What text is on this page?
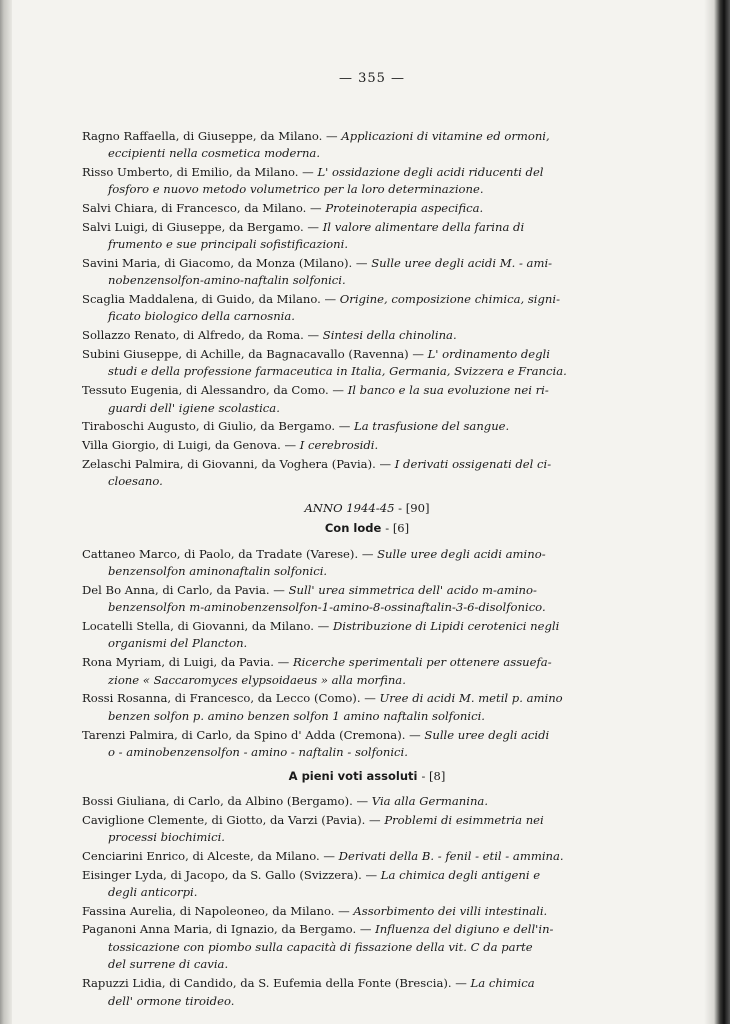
— 355 —
Ragno Raffaella, di Giuseppe, da Milano. — Applicazioni di vitamine ed ormoni,
eccipienti nella cosmetica moderna.
Risso Umberto, di Emilio, da Milano. — L' ossidazione degli acidi riducenti del
fosforo e nuovo metodo volumetrico per la loro determinazione.
Salvi Chiara, di Francesco, da Milano. — Proteinoterapia aspecifica.
Salvi Luigi, di Giuseppe, da Bergamo. — Il valore alimentare della farina di
frumento e sue principali sofistificazioni.
Savini Maria, di Giacomo, da Monza (Milano). — Sulle uree degli acidi M. - ami-
nobenzensolfon-amino-naftalin solfonici.
Scaglia Maddalena, di Guido, da Milano. — Origine, composizione chimica, signi-
ficato biologico della carnosnia.
Sollazzo Renato, di Alfredo, da Roma. — Sintesi della chinolina.
Subini Giuseppe, di Achille, da Bagnacavallo (Ravenna) — L' ordinamento degli
studi e della professione farmaceutica in Italia, Germania, Svizzera e Francia.
Tessuto Eugenia, di Alessandro, da Como. — Il banco e la sua evoluzione nei ri-
guardi dell' igiene scolastica.
Tiraboschi Augusto, di Giulio, da Bergamo. — La trasfusione del sangue.
Villa Giorgio, di Luigi, da Genova. — I cerebrosidi.
Zelaschi Palmira, di Giovanni, da Voghera (Pavia). — I derivati ossigenati del ci-
cloesano.
ANNO 1944-45 - [90]
Con lode - [6]
Cattaneo Marco, di Paolo, da Tradate (Varese). — Sulle uree degli acidi amino-
benzensolfon aminonaftalin solfonici.
Del Bo Anna, di Carlo, da Pavia. — Sull' urea simmetrica dell' acido m-amino-
benzensolfon m-aminobenzensolfon-1-amino-8-ossinaftalin-3-6-disolfonico.
Locatelli Stella, di Giovanni, da Milano. — Distribuzione di Lipidi cerotenici negli
organismi del Plancton.
Rona Myriam, di Luigi, da Pavia. — Ricerche sperimentali per ottenere assuefa-
zione « Saccaromyces elypsoidaeus » alla morfina.
Rossi Rosanna, di Francesco, da Lecco (Como). — Uree di acidi M. metil p. amino
benzen solfon p. amino benzen solfon 1 amino naftalin solfonici.
Tarenzi Palmira, di Carlo, da Spino d' Adda (Cremona). — Sulle uree degli acidi
o - aminobenzensolfon - amino - naftalin - solfonici.
A pieni voti assoluti - [8]
Bossi Giuliana, di Carlo, da Albino (Bergamo). — Via alla Germanina.
Caviglione Clemente, di Giotto, da Varzi (Pavia). — Problemi di esimmetria nei
processi biochimici.
Cenciarini Enrico, di Alceste, da Milano. — Derivati della B. - fenil - etil - ammina.
Eisinger Lyda, di Jacopo, da S. Gallo (Svizzera). — La chimica degli antigeni e
degli anticorpi.
Fassina Aurelia, di Napoleoneo, da Milano. — Assorbimento dei villi intestinali.
Paganoni Anna Maria, di Ignazio, da Bergamo. — Influenza del digiuno e dell'in-
tossicazione con piombo sulla capacità di fissazione della vit. C da parte
del surrene di cavia.
Rapuzzi Lidia, di Candido, da S. Eufemia della Fonte (Brescia). — La chimica
dell' ormone tiroideo.
